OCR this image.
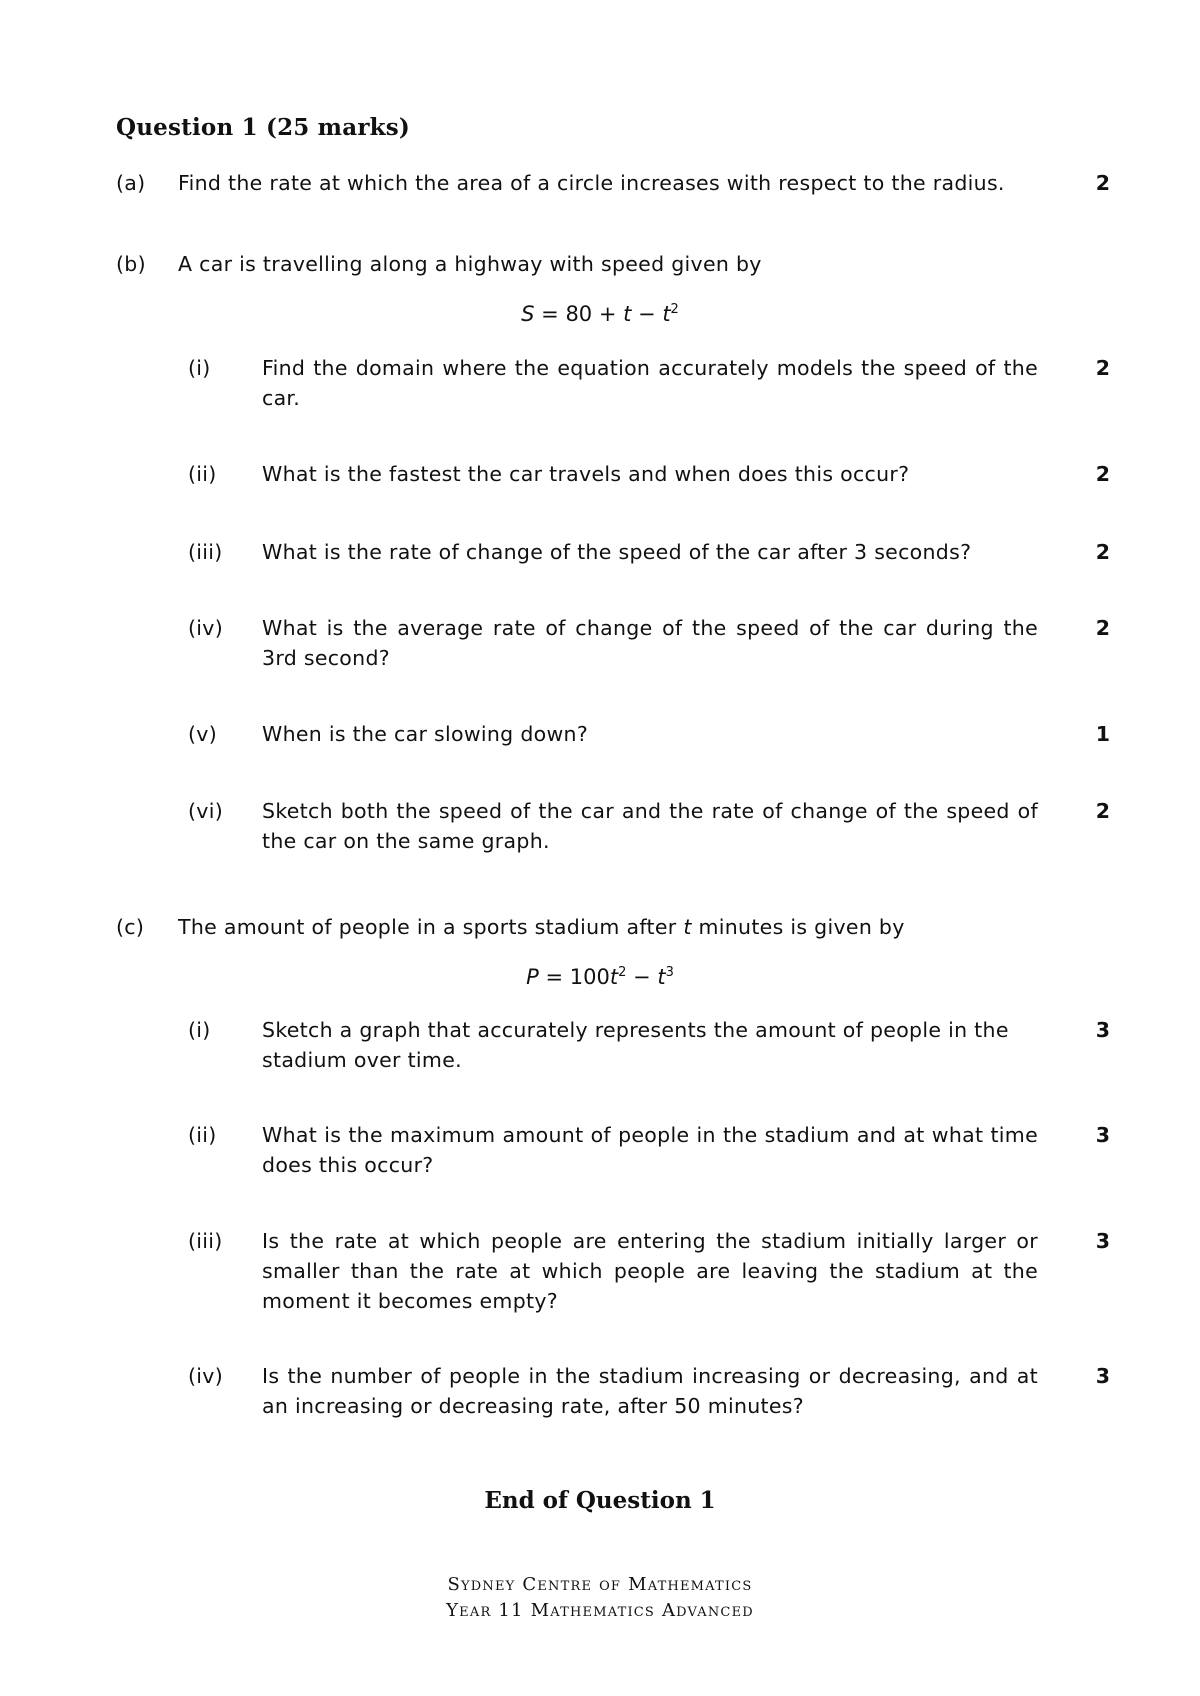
Question 1 (25 marks)
(a) Find the rate at which the area of a circle increases with respect to the radius.	2
(b) A car is travelling along a highway with speed given by
$S = 80 + t - t^2$
(i)	Find the domain where the equation accurately models the speed of the car.
2
(ii) What is the fastest the car travels and when does this occur?	2
(iii) What is the rate of change of the speed of the car after 3 seconds?	2
(iv) What is the average rate of change of the speed of the car during the 3rd second?
2
(v) When is the car slowing down?	1
(vi) Sketch both the speed of the car and the rate of change of the speed of the car on the same graph.
2
(c) The amount of people in a sports stadium after t minutes is given by
$P = 100t^2 - t^3$
(i)	Sketch a graph that accurately represents the amount of people in the stadium over time.
3
(ii) What is the maximum amount of people in the stadium and at what time does this occur?
3
(iii) Is the rate at which people are entering the stadium initially larger or smaller than the rate at which people are leaving the stadium at the moment it becomes empty?
3
(iv) Is the number of people in the stadium increasing or decreasing, and at an increasing or decreasing rate, after 50 minutes?
3
End of Question 1
Sydney Centre of Mathematics
Year 11 Mathematics Advanced
